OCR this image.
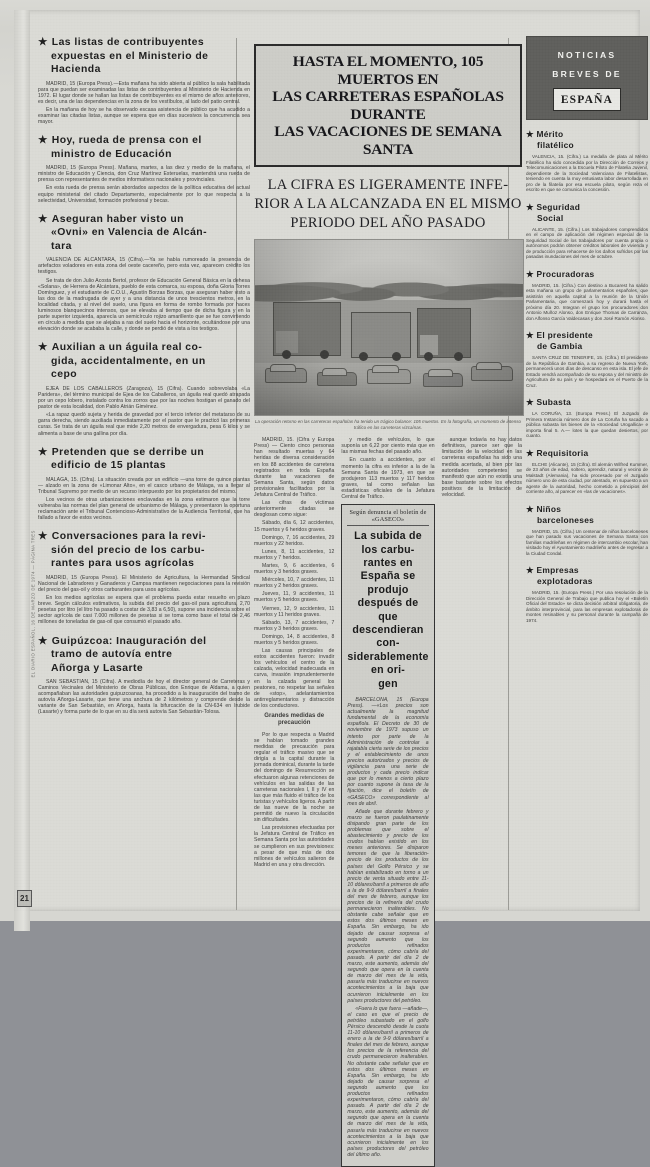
EL DIARIO ESPAÑOL, 16 DE MARZO DE 1974 — PÁGINA TRES
21
★ Las listas de contribuyentes
expuestas en el Ministerio de
Hacienda

MADRID, 15 (Europa Press).—Esta mañana ha sido abierta al público la sala habilitada para que puedan ser examinadas las listas de contribuyentes al Ministerio de Hacienda en 1972. El lugar donde se hallan las listas de contribuyentes es el mismo de años anteriores, es decir, una de las dependencias en la zona de los vestíbulos, al lado del patio central.

En la mañana de hoy se ha observado escasa asistencia de público que ha acudido a examinar las citadas listas, aunque se espera que en días sucesivos la concurrencia sea mayor.

★ Hoy, rueda de prensa con el
ministro de Educación

MADRID, 15 (Europa Press). Mañana, martes, a las diez y medio de la mañana, el ministro de Educación y Ciencia, don Cruz Martínez Esteruelas, mantendrá una rueda de prensa con representantes de medios informativos nacionales y provinciales.

En esta rueda de prensa serán abordados aspectos de la política educativa del actual equipo ministerial del citado Departamento, especialmente por lo que respecta a la selectividad, Universidad, formación profesional y becas.

★ Aseguran haber visto un
«Ovni» en Valencia de Alcán-
tara

VALENCIA DE ALCANTARA, 15 (Cifra).—Ya se había rumoreado la presencia de artefactos voladores en esta zona del oeste cacereño, pero esta vez, aparecen crédito los testigos.

Se trata de don Julio Acosta Bertol, profesor de Educación General Básica en la dehesa «Solana», de Herrera de Alcántara, pueblo de esta comarca, su esposa, doña Gloria Torres Domínguez, y el estudiante de C.O.U., Agustín Borzas Borzas, que aseguran haber visto a las dos de la madrugada de ayer y a una distancia de unos trescientos metros, en la localidad citada, y al nivel del suelo, una figura en forma de rombo formada por haces luminosos blanquecinos intensos, que se elevaba al tiempo que de dicha figura y en la parte superior izquierda, aparecía un semicírculo rojizo amarillento que se fue convirtiendo en círculo a medida que se alejaba a ras del suelo hacia el horizonte, ocultándose por una elevación donde se acababa la calle, y donde se perdió de vista a los testigos.

★ Auxilian a un águila real co-
gida, accidentalmente, en un
cepo

EJEA DE LOS CABALLEROS (Zaragoza), 15 (Cifra). Cuando sobrevolaba «La Paridera», del término municipal de Ejea de los Caballeros, un águila real quedó atrapada por un cepo lobero, instalado contra los zorros que por las noches hostigan el ganado del pastor de esta localidad, don Pablo Atrián Giménez.

«La rapaz quedó sujeta y herida de gravedad por el tercio inferior del metatarso de su garra derecha, siendo auxiliada inmediatamente por el pastor que le practicó las primeras curas. Se trata de un águila real que mide 2,20 metros de envergadura, pesa 6 kilos y se alimenta a base de una gallina por día.

★ Pretenden que se derribe un
edificio de 15 plantas

MALAGA, 15. (Cifra). La situación creada por un edificio —una torre de quince plantas— alzado en la zona de «Limonar Alto», en el casco urbano de Málaga, va a llegar al Tribunal Supremo por medio de un recurso interpuesto por los propietarios del mismo.

Los vecinos de otras urbanizaciones enclavadas en la zona estimaron que la torre vulneraba las normas del plan general de urbanismo de Málaga, y presentaron la oportuna reclamación ante el Tribunal Contencioso-Administrativo de la Audiencia Territorial, que ha fallado a favor de estos vecinos.

★ Conversaciones para la revi-
sión del precio de los carbu-
rantes para usos agrícolas

MADRID, 15 (Europa Press). El Ministerio de Agricultura, la Hermandad Sindical Nacional de Labradores y Ganaderos y Campsa mantienen negociaciones para la revisión del precio del gas-oil y otros carburantes para usos agrícolas.

En los medios agrícolas se espera que el problema pueda estar resuelto en plazo breve. Según cálculos estimativos, la subida del precio del gas-oil para agricultura, 2,70 pesetas por litro (el litro ha pasado a costar de 3,83 a 6,50), supone una incidencia sobre el sector agrícola de casi 7.000 millones de pesetas si se toma como base el total de 2,46 millones de toneladas de gas-oil que consumió el pasado año.

★ Guipúzcoa: Inauguración del
tramo de autovía entre
Añorga y Lasarte

SAN SEBASTIAN, 15 (Cifra). A mediodía de hoy el director general de Carreteras y Caminos Vecinales del Ministerio de Obras Públicas, don Enrique de Aldama, a quien acompañaban las autoridades guipuzcoanas, ha procedido a la inauguración del tramo de autovía Añorga-Lasarte, que tiene una anchura de 2 kilómetros y comprende desde la variante de San Sebastián, en Añorga, hasta la bifurcación de la CN-634 en Irubide (Lasarte) y forma parte de lo que en su día será autovía San Sebastián-Tolosa.

HASTA EL MOMENTO, 105 MUERTOS EN
LAS CARRETERAS ESPAÑOLAS DURANTE
LAS VACACIONES DE SEMANA SANTA
LA CIFRA ES LIGERAMENTE INFE-
RIOR A LA ALCANZADA EN EL MISMO
PERIODO DEL AÑO PASADO
La operación retorno en las carreteras españolas ha tenido un trágico balance: 105 muertos. En la fotografía, un momento de intenso tráfico en las carreteras vizcaínas.

MADRID, 15. (Cifra y Europa Press) — Ciento cinco personas han resultado muertas y 64 heridas de diversa consideración en los 88 accidentes de carretera registrados en toda España durante las vacaciones de Semana Santa, según datos provisionales facilitados por la Jefatura Central de Tráfico.

Las cifras de víctimas anteriormente citadas se desglosan como sigue:

Sábado, día 6, 12 accidentes, 15 muertos y 6 heridos graves.

Domingo, 7, 16 accidentes, 29 muertos y 22 heridos.

Lunes, 8, 11 accidentes, 12 muertos y 7 heridos.

Martes, 9, 6 accidentes, 6 muertos y 3 heridos graves.

Miércoles, 10, 7 accidentes, 11 muertos y 2 heridos graves.

Jueves, 11, 9 accidentes, 11 muertos y 5 heridos graves.

Viernes, 12, 9 accidentes, 11 muertos y 11 heridos graves.

Sábado, 13, 7 accidentes, 7 muertos y 3 heridos graves.

Domingo, 14, 8 accidentes, 8 muertos y 5 heridos graves.

Las causas principales de estos accidentes fueron: invadir los vehículos el centro de la calzada, velocidad inadecuada en curva, invasión imprudentemente en la calzada general los peatones, no respetar las señales de «stop», adelantamientos antirreglamentarios y distracción de los conductores.

Grandes medidas de precaución

Por lo que respecta a Madrid se habían tomado grandes medidas de precaución para regular el tráfico masivo que se dirigía a la capital durante la jornada dominical, durante la tarde del domingo de Resurrección se efectuaron algunas retenciones de vehículos en las salidas de las carreteras nacionales I, II y IV en las que más fluido el tráfico de los turistas y vehículos ligeros. A partir de las nueve de la noche se permitió de nuevo la circulación sin dificultades.

Las provisiones efectuadas por la Jefatura Central de Tráfico en Semana Santa por las autoridades se cumplieron en sus previsiones: a pesar de que más de dos millones de vehículos salieron de Madrid en una y otra dirección.

y medio de vehículos, lo que suponía un 6,22 por ciento más que en las mismas fechas del pasado año.

En cuanto a accidentes, por el momento la cifra es inferior a la de la Semana Santa de 1973, en que se produjeron 113 muertos y 117 heridos graves, tal como señalan las estadísticas oficiales de la Jefatura Central de Tráfico.

Según denuncia el boletín de «GASECO»
La subida de los carbu-
rantes en España se
produjo después de
que descendieran con-
siderablemente en ori-
gen

BARCELONA, 15 (Europa Press). —«Los precios son actualmente la magnitud fundamental de la economía española. El Decreto de 30 de noviembre de 1973 supuso un intento por parte de la Administración de controlar a rajatabla cierta serie de los precios y el establecimiento de unos precios autorizados y precios de vigilancia para una serie de productos y cada precio indicar que por lo menos a cierto plazo por cuanto supone la tasa de la fijación, dice el boletín de «GASECO» correspondiente al mes de abril.

Añade que durante febrero y marzo se fueron paulatinamente disipando gran parte de los problemas que sobre el abastecimiento y precio de los crudos habían existido en los meses anteriores. Se disiparon temores de que la liberación-precio de los productos de los países del Golfo Pérsico y se habían estabilizado en torno a un precio de venta situado entre 11-10 dólares/barril a primeros de año a la de 9-9 dólares/barril a finales del mes de febrero, aunque los precios de la refinería del crudo permanecieron inalterables. No obstante cabe señalar que en estos dos últimos meses en España. Sin embargo, ha ido dejado de causar sorpresa el segundo aumento que los productos refinados experimentaron, cómo cabría del pasado. A partir del día 2 de marzo, este aumento, además del segundo que opera en la cuenta de marzo del mes de la vida, pasaría más traducirse en nuevos acontecimientos a la baja que ocurrieron inicialmente en los países productores del petróleo.

«Fuera lo que fuera —añade—, el caso es que el precio de petróleo subastado en el golfo Pérsico descendió desde la cuota 11-10 dólares/barril a primeros de enero a la de 9-9 dólares/barril a finales del mes de febrero, aunque los precios de la referencia del crudo permanecieron inalterables. No obstante cabe señalar que en estos dos últimos meses en España. Sin embargo, ha ido dejado de causar sorpresa el segundo aumento que los productos refinados experimentaron, cómo cabría del pasado. A partir del día 2 de marzo, este aumento, además del segundo que opera en la cuenta de marzo del mes de la vida, pasaría más traducirse en nuevos acontecimientos a la baja que ocurrieron inicialmente en los países productores del petróleo del último año.

aunque todavía no hay datos definitivos, parece ser que la limitación de la velocidad en las carreteras españolas ha sido una medida acertada, al bien por las autoridades competentes se manifestó que aún no existía una base bastante sobre los efectos positivos de la limitación de velocidad.

NOTICIAS
BREVES DE
ESPAÑA
★ Mérito
filatélico

VALENCIA, 15. (Cifra.) La medalla de plata al Mérito Filatélico ha sido concedida por la Dirección de Correos y Telecomunicaciones a la Escuela Piloto de Filatelia Juvenil, dependiente de la Sociedad Valenciana de Filatelistas, teniendo en cuenta la muy entusiasta labor desarrollada en pro de la filatelia por esa escuela piloto, según reza el escrito en que se comunica la concesión.

★ Seguridad
Social

ALICANTE, 15. (Cifra.) Los trabajadores comprendidos en el campo de aplicación del régimen especial de la Seguridad Social de los trabajadores por cuenta propia o autónomos podrán obtener créditos laborales de vivienda y de producción para rehacerse de los daños sufridos por las pasadas inundaciones del mes de octubre.

★ Procuradoras

MADRID, 15. (Cifra.) Con destino a Bucarest ha salido esta mañana un grupo de parlamentarios españoles, que asistirán en aquella capital a la reunión de la Unión Parlamentaria, que comenzará hoy y durará hasta el próximo día 20. Integran el grupo los procuradores don Antonio Muñoz Alonso, don Enrique Thomas de Carranza, don Alfonso García Valdecasas y don José Ramón Alonso.

★ El presidente
de Gambia

SANTA CRUZ DE TENERIFE, 15. (Cifra.) El presidente de la República de Gambia, a su regreso de Nueva York, permanecerá unos días de descanso en esta isla. El jefe de Estado vendrá acompañado de su esposa y del ministro de Agricultura de su país y se hospedará en el Puerto de la Cruz.

★ Subasta

LA CORUÑA, 13. (Europa Press.) El Juzgado de Primera Instancia número dos de La Coruña ha sacado a pública subasta los bienes de la «Sociedad Urogallica» e importa final 5. A.— lotes la que quedan desiertos, por cuanto.

★ Requisitoria

ELCHE (Alicante), 15 (Cifra). El alemán Wilfred Kummer, de 23 años de edad, soltero, aprendiz, natural y vecino de Malstadt (Alemania), ha sido procesado por el Juzgado número uno de esta ciudad, por atentado, en supuesto a un agente de la autoridad, hecho cometido a principios del corriente año, al parecer en «las de vacaciones».

★ Niños
barceloneses

MADRID, 15. (Cifra.) Un centenar de niños barceloneses que han pasado sus vacaciones de Semana Santa con familias madrileñas en régimen de intercambio escolar, han visitado hoy el Ayuntamiento madrileño antes de regresar a la Ciudad Condal.

★ Empresas
explotadoras

MADRID, 15. (Europa Press.) Por una resolución de la Dirección General de Trabajo que publica hoy el «Boletín Oficial del Estado» se dicta decisión arbitral obligatoria, de ámbito interprovincial, para las empresas explotadoras de montes resinables y su personal durante la campaña de 1974.
